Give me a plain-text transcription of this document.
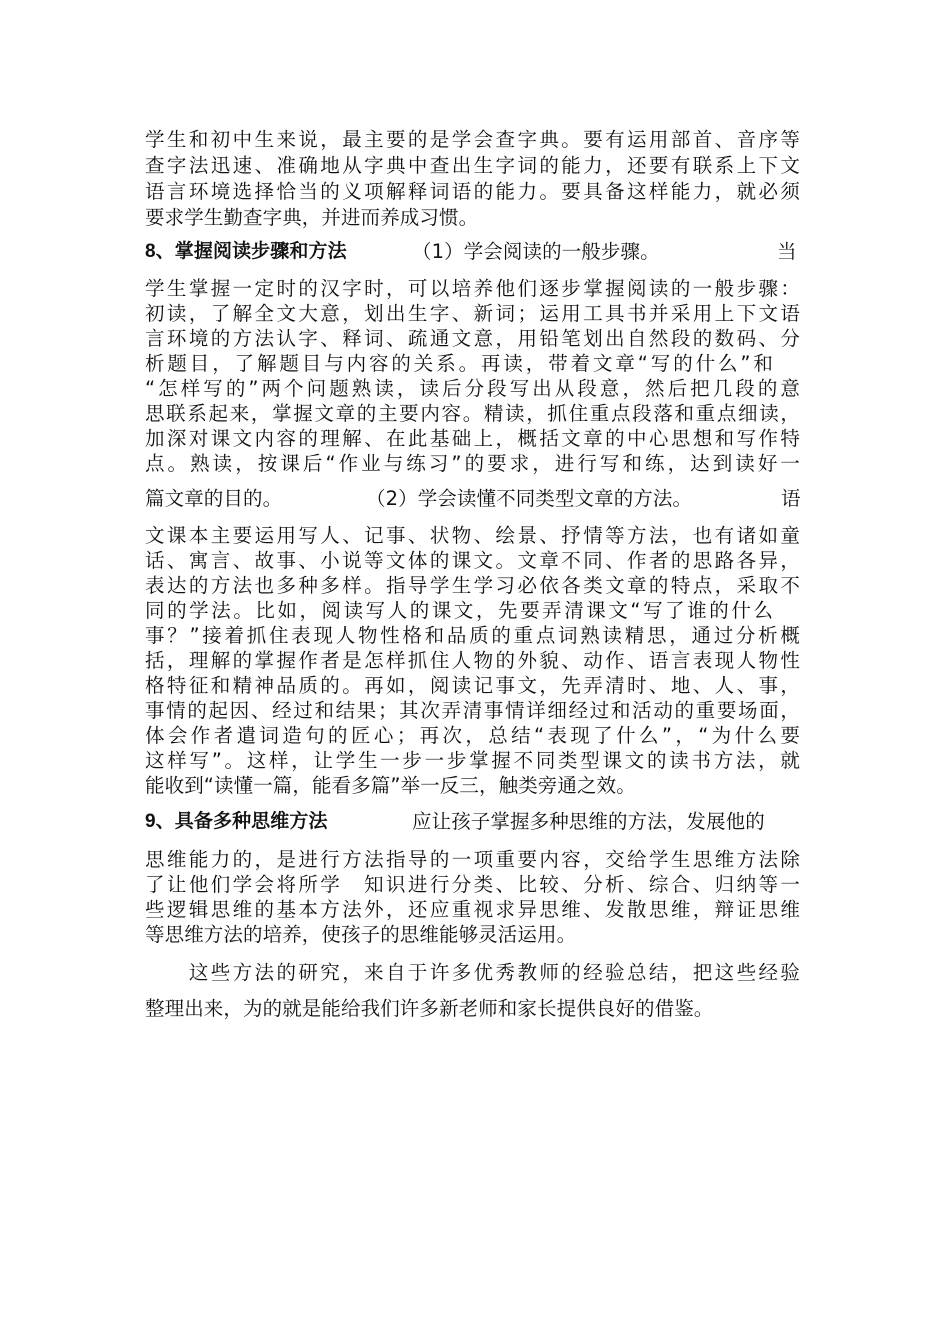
学生和初中生来说，最主要的是学会查字典。要有运用部首、音序等
查字法迅速、准确地从字典中查出生字词的能力，还要有联系上下文
语言环境选择恰当的义项解释词语的能力。要具备这样能力，就必须
要求学生勤查字典，并进而养成习惯。
8、掌握阅读步骤和方法	（1）学会阅读的一般步骤。	当
学生掌握一定时的汉字时，可以培养他们逐步掌握阅读的一般步骤：
初读，了解全文大意，划出生字、新词；运用工具书并采用上下文语
言环境的方法认字、释词、疏通文意，用铅笔划出自然段的数码、分
析题目，了解题目与内容的关系。再读，带着文章“写的什么”和
“怎样写的”两个问题熟读，读后分段写出从段意，然后把几段的意
思联系起来，掌握文章的主要内容。精读，抓住重点段落和重点细读，
加深对课文内容的理解、在此基础上，概括文章的中心思想和写作特
点。熟读，按课后“作业与练习”的要求，进行写和练，达到读好一
篇文章的目的。	（2）学会读懂不同类型文章的方法。	语
文课本主要运用写人、记事、状物、绘景、抒情等方法，也有诸如童
话、寓言、故事、小说等文体的课文。文章不同、作者的思路各异，
表达的方法也多种多样。指导学生学习必依各类文章的特点，采取不
同的学法。比如，阅读写人的课文，先要弄清课文“写了谁的什么
事？”接着抓住表现人物性格和品质的重点词熟读精思，通过分析概
括，理解的掌握作者是怎样抓住人物的外貌、动作、语言表现人物性
格特征和精神品质的。再如，阅读记事文，先弄清时、地、人、事，
事情的起因、经过和结果；其次弄清事情详细经过和活动的重要场面，
体会作者遣词造句的匠心；再次，总结“表现了什么”，“为什么要
这样写”。这样，让学生一步一步掌握不同类型课文的读书方法，就
能收到“读懂一篇，能看多篇”举一反三，触类旁通之效。
9、具备多种思维方法	应让孩子掌握多种思维的方法，发展他的
思维能力的，是进行方法指导的一项重要内容，交给学生思维方法除
了让他们学会将所学　知识进行分类、比较、分析、综合、归纳等一
些逻辑思维的基本方法外，还应重视求异思维、发散思维，辩证思维
等思维方法的培养，使孩子的思维能够灵活运用。
　　这些方法的研究，来自于许多优秀教师的经验总结，把这些经验
整理出来，为的就是能给我们许多新老师和家长提供良好的借鉴。
